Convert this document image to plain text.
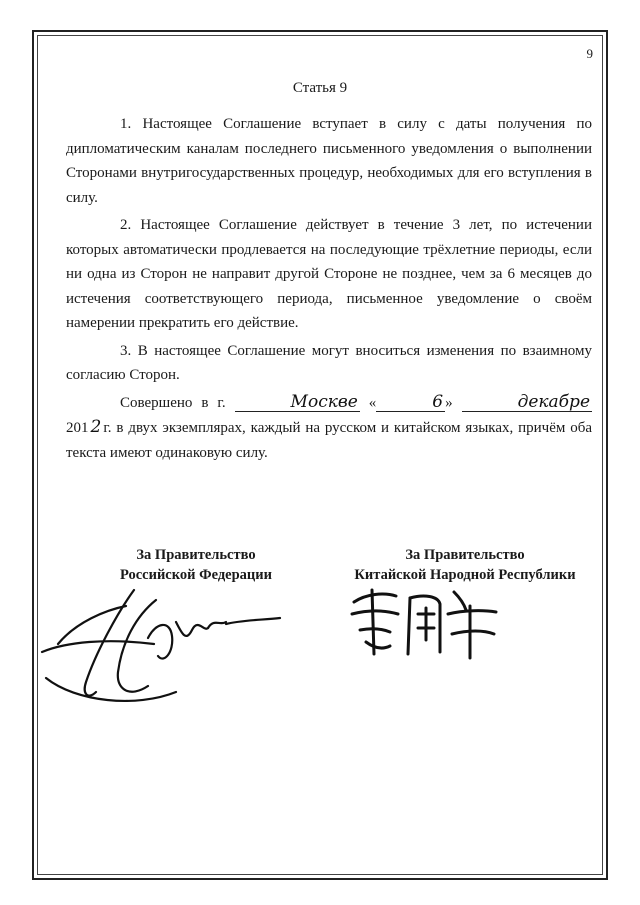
9
Статья 9

1. Настоящее Соглашение вступает в силу с даты получения по дипломатическим каналам последнего письменного уведомления о выполнении Сторонами внутригосударственных процедур, необходимых для его вступления в силу.

2. Настоящее Соглашение действует в течение 3 лет, по истечении которых автоматически продлевается на последующие трёхлетние периоды, если ни одна из Сторон не направит другой Стороне не позднее, чем за 6 месяцев до истечения соответствующего периода, письменное уведомление о своём намерении прекратить его действие.

3. В настоящее Соглашение могут вноситься изменения по взаимному согласию Сторон.

Совершено в г.	Москве «	6 »	декабре 201 2 г. в двух экземплярах, каждый на русском и китайском языках, причём оба текста имеют одинаковую силу.

За Правительство
Российской Федерации
За Правительство
Китайской Народной Республики
